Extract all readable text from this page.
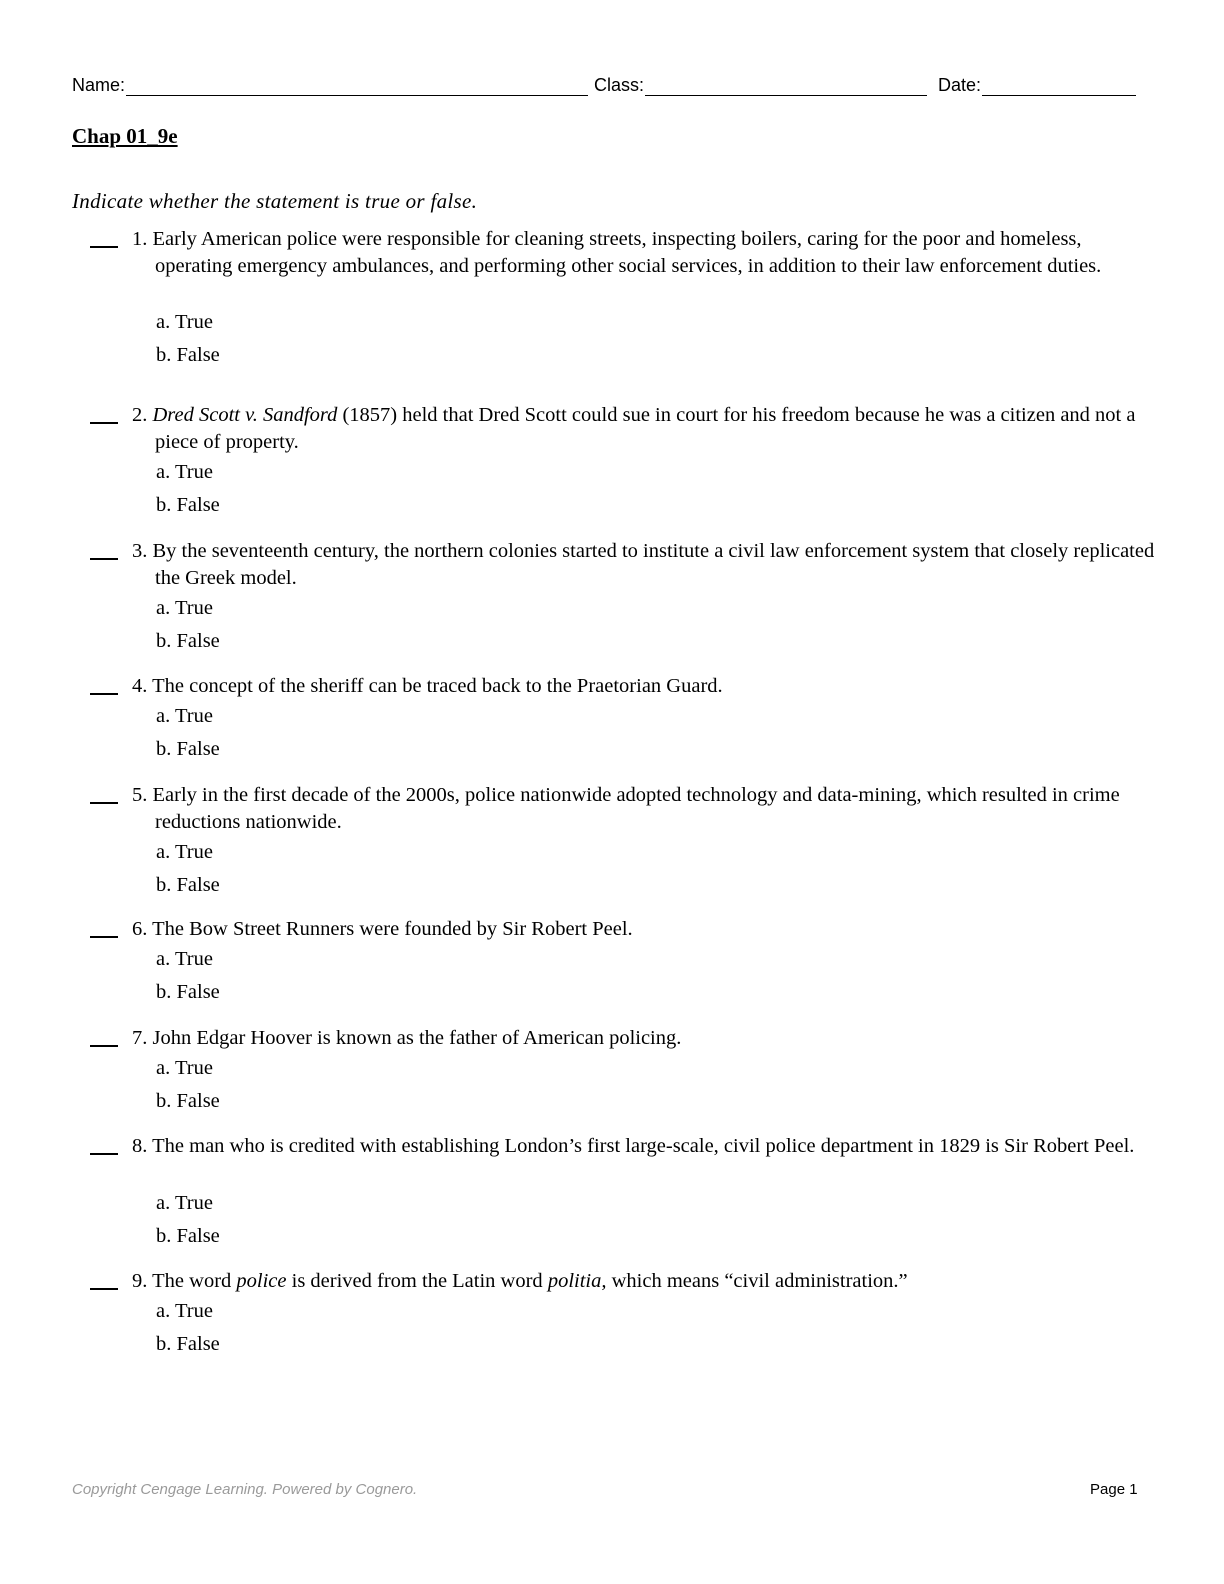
Name:	Class:	Date:
Chap 01_9e
Indicate whether the statement is true or false.
1. Early American police were responsible for cleaning streets, inspecting boilers, caring for the poor and homeless, operating emergency ambulances, and performing other social services, in addition to their law enforcement duties.
a. True
b. False
2. Dred Scott v. Sandford (1857) held that Dred Scott could sue in court for his freedom because he was a citizen and not a piece of property.
a. True
b. False
3. By the seventeenth century, the northern colonies started to institute a civil law enforcement system that closely replicated the Greek model.
a. True
b. False
4. The concept of the sheriff can be traced back to the Praetorian Guard.
a. True
b. False
5. Early in the first decade of the 2000s, police nationwide adopted technology and data-mining, which resulted in crime reductions nationwide.
a. True
b. False
6. The Bow Street Runners were founded by Sir Robert Peel.
a. True
b. False
7. John Edgar Hoover is known as the father of American policing.
a. True
b. False
8. The man who is credited with establishing London’s first large-scale, civil police department in 1829 is Sir Robert Peel.
a. True
b. False
9. The word police is derived from the Latin word politia, which means “civil administration.”
a. True
b. False
Copyright Cengage Learning. Powered by Cognero.	Page 1
